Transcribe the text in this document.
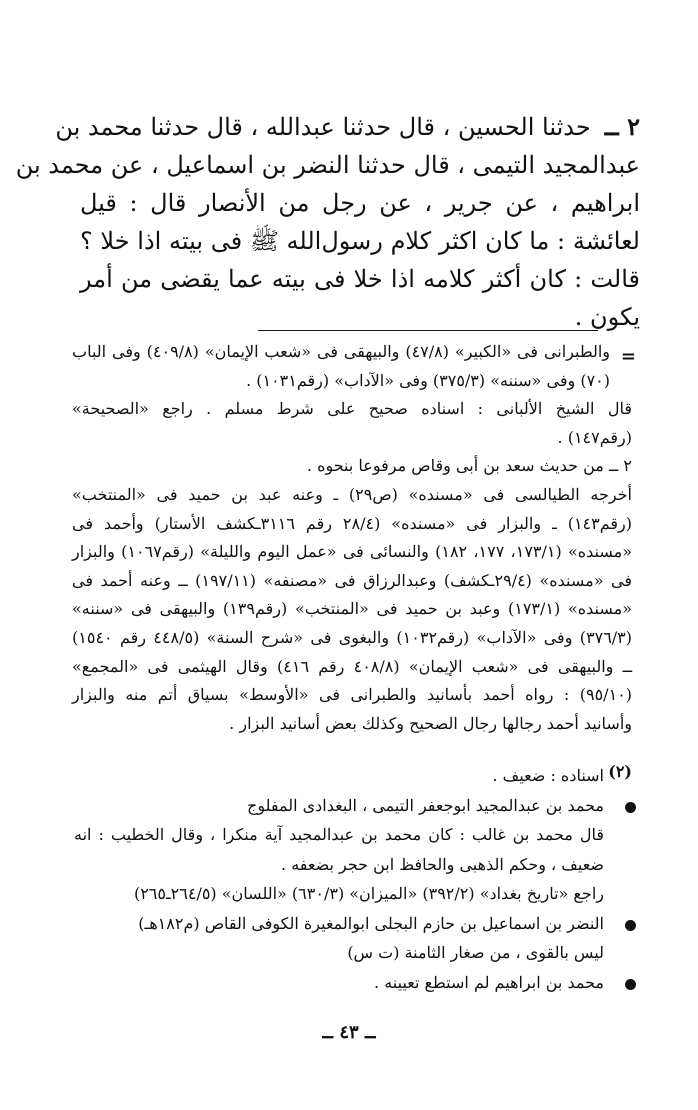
٢ ــ
حدثنا الحسين ، قال حدثنا عبدالله ، قال حدثنا محمد بن
عبدالمجيد التيمى ، قال حدثنا النضر بن اسماعيل ، عن محمد بن
ابراهيم ، عن جرير ، عن رجل من الأنصار قال : قيل
لعائشة : ما كان اكثر كلام رسول‌الله ﷺ فى بيته اذا خلا ؟
قالت : كان أكثر كلامه اذا خلا فى بيته عما يقضى من أمر
يكون .
=
والطبرانى فى «الكبير» (٤٧/٨) والبيهقى فى «شعب الإيمان» (٤٠٩/٨) وفى الباب
(٧٠) وفى «سننه» (٣٧٥/٣) وفى «الآداب» (رقم١٠٣١) .
قال الشيخ الألبانى : اسناده صحيح على شرط مسلم . راجع «الصحيحة»
(رقم١٤٧) .
٢ ــ من حديث سعد بن أبى وقاص مرفوعا بنحوه .
أخرجه الطيالسى فى «مسنده» (ص٢٩) ـ وعنه عبد بن حميد فى «المنتخب»
(رقم١٤٣) ـ والبزار فى «مسنده» (٢٨/٤ رقم ٣١١٦ـكشف الأستار) وأحمد فى
«مسنده» (١٧٣/١، ١٧٧، ١٨٢) والنسائى فى «عمل اليوم والليلة» (رقم١٠٦٧) والبزار
فى «مسنده» (٢٩/٤ـكشف) وعبدالرزاق فى «مصنفه» (١٩٧/١١) ــ وعنه أحمد فى
«مسنده» (١٧٣/١) وعبد بن حميد فى «المنتخب» (رقم١٣٩) والبيهقى فى «سننه»
(٣٧٦/٣) وفى «الآداب» (رقم١٠٣٢) والبغوى فى «شرح السنة» (٤٤٨/٥ رقم ١٥٤٠)
ــ والبيهقى فى «شعب الإيمان» (٤٠٨/٨ رقم ٤١٦) وقال الهيثمى فى «المجمع»
(٩٥/١٠) : رواه أحمد بأسانيد والطبرانى فى «الأوسط» بسياق أتم منه والبزار
وأسانيد أحمد رجالها رجال الصحيح وكذلك بعض أسانيد البزار .
(٢)
اسناده : ضعيف .
محمد بن عبدالمجيد ابوجعفر التيمى ، البغدادى المفلوج
قال محمد بن غالب : كان محمد بن عبدالمجيد آية منكرا ، وقال الخطيب : انه
ضعيف ، وحكم الذهبى والحافظ ابن حجر بضعفه .
راجع «تاريخ بغداد» (٣٩٢/٢) «الميزان» (٦٣٠/٣) «اللسان» (٢٦٤/٥ـ٢٦٥)
النضر بن اسماعيل بن حازم البجلى ابوالمغيرة الكوفى القاص (م١٨٢هـ)
ليس بالقوى ، من صغار الثامنة (ت س)
محمد بن ابراهيم لم استطع تعيينه .
ــ ٤٣ ــ
